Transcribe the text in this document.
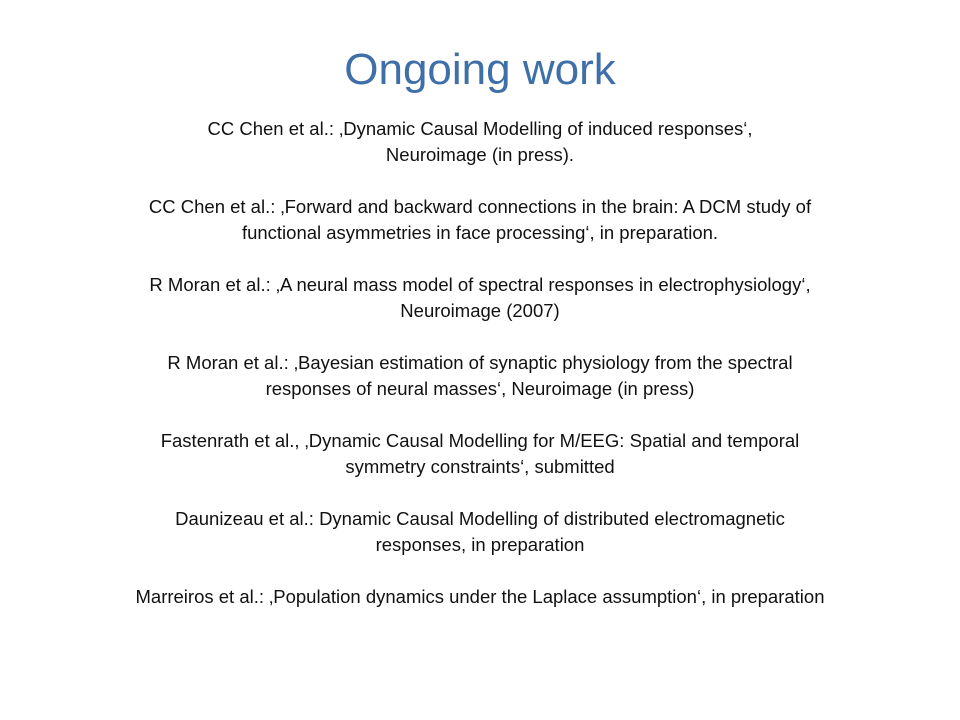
Ongoing work
CC Chen et al.: ‚Dynamic Causal Modelling of induced responses‘,
Neuroimage (in press).
CC Chen et al.: ‚Forward and backward connections in the brain: A DCM study of
functional asymmetries in face processing‘, in preparation.
R Moran et al.: ‚A neural mass model of spectral responses in electrophysiology‘,
Neuroimage (2007)
R Moran et al.: ‚Bayesian estimation of synaptic physiology from the spectral
responses of neural masses‘, Neuroimage (in press)
Fastenrath et al., ‚Dynamic Causal Modelling for M/EEG: Spatial and temporal
symmetry constraints‘, submitted
Daunizeau et al.: Dynamic Causal Modelling of distributed electromagnetic
responses, in preparation
Marreiros et al.: ‚Population dynamics under the Laplace assumption‘, in preparation
